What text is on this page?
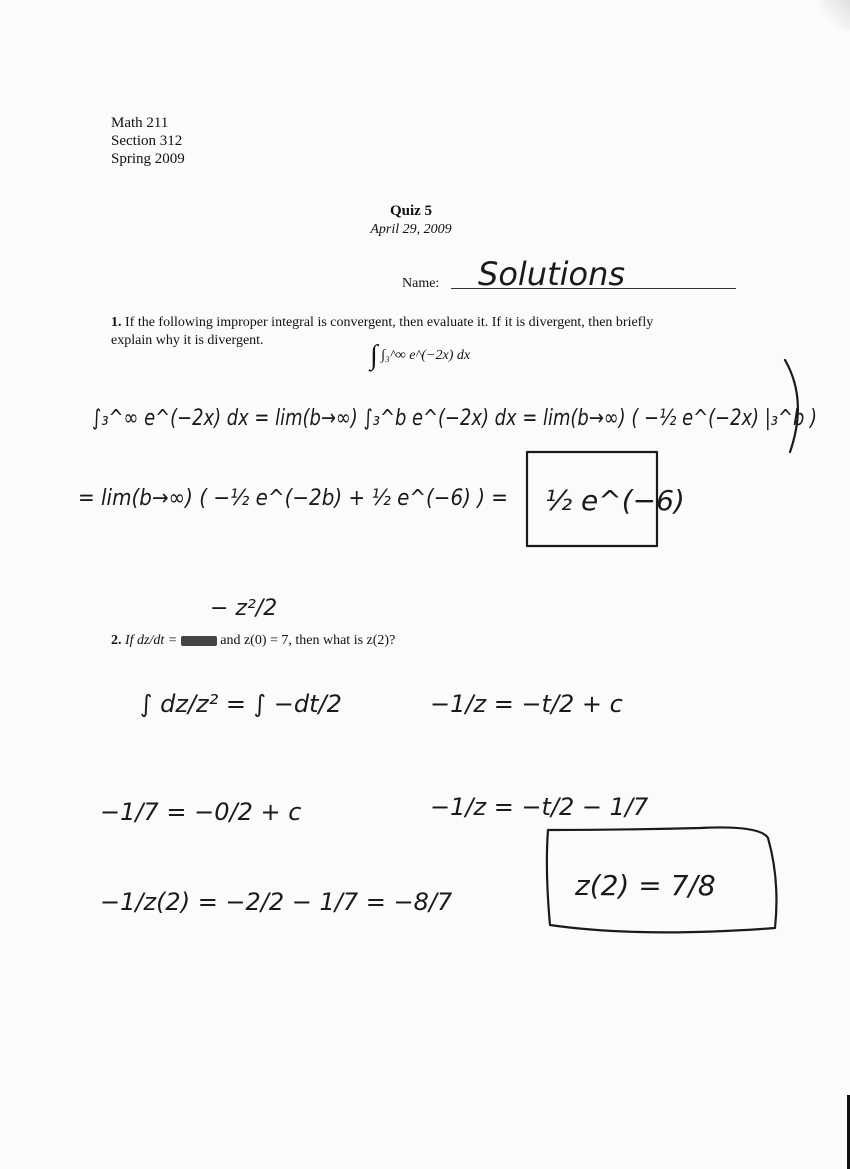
Math 211
Section 312
Spring 2009
Quiz 5
April 29, 2009
Name:
1. If the following improper integral is convergent, then evaluate it. If it is divergent, then briefly
explain why it is divergent.	∫ ∫₃^∞ e^(−2x) dx
2. If dz/dt =	and z(0) = 7, then what is z(2)?
Solutions
∫₃^∞ e^(−2x) dx = lim(b→∞) ∫₃^b e^(−2x) dx = lim(b→∞) ( −½ e^(−2x) |₃^b )
= lim(b→∞) ( −½ e^(−2b) + ½ e^(−6) ) = ½ e^(−6)
− z²/2
∫ dz/z² = ∫ −dt/2	−1/z = −t/2 + c
−1/7 = −0/2 + c	−1/z = −t/2 − 1/7
−1/z(2) = −2/2 − 1/7 = −8/7	z(2) = 7/8
